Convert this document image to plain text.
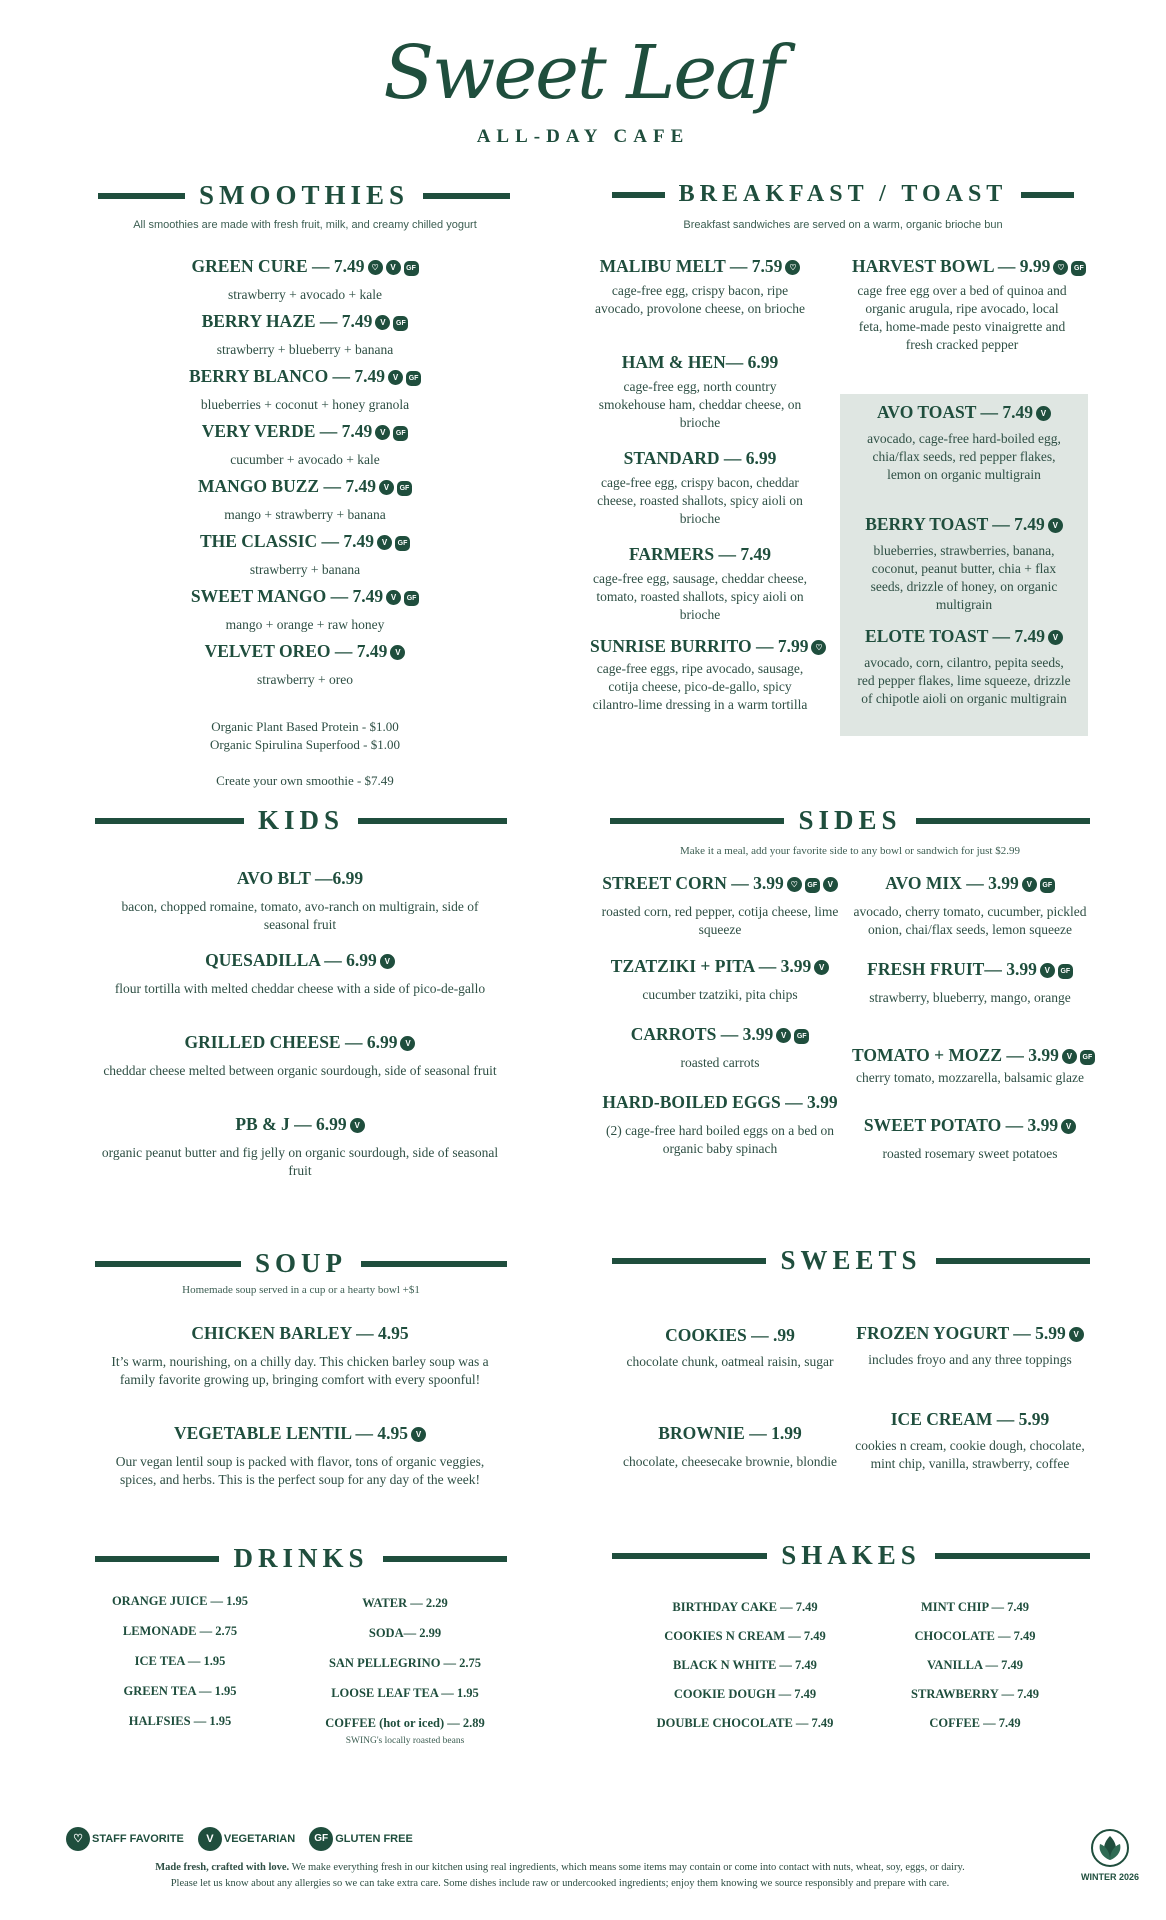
Sweet Leaf
ALL-DAY CAFE
SMOOTHIES
All smoothies are made with fresh fruit, milk, and creamy chilled yogurt
GREEN CURE — 7.49 ♡ V GF
strawberry + avocado + kale
BERRY HAZE — 7.49 V GF
strawberry + blueberry + banana
BERRY BLANCO — 7.49 V GF
blueberries + coconut + honey granola
VERY VERDE — 7.49 V GF
cucumber + avocado + kale
MANGO BUZZ — 7.49 V GF
mango + strawberry + banana
THE CLASSIC — 7.49 V GF
strawberry + banana
SWEET MANGO — 7.49 V GF
mango + orange + raw honey
VELVET OREO — 7.49 V
strawberry + oreo
Organic Plant Based Protein - $1.00
Organic Spirulina Superfood - $1.00
Create your own smoothie - $7.49
BREAKFAST / TOAST
Breakfast sandwiches are served on a warm, organic brioche bun
MALIBU MELT — 7.59 ♡
cage-free egg, crispy bacon, ripe avocado, provolone cheese, on brioche
HAM & HEN— 6.99
cage-free egg, north country smokehouse ham, cheddar cheese, on brioche
STANDARD — 6.99
cage-free egg, crispy bacon, cheddar cheese, roasted shallots, spicy aioli on brioche
FARMERS — 7.49
cage-free egg, sausage, cheddar cheese, tomato, roasted shallots, spicy aioli on brioche
SUNRISE BURRITO — 7.99 ♡
cage-free eggs, ripe avocado, sausage, cotija cheese, pico-de-gallo, spicy cilantro-lime dressing in a warm tortilla
HARVEST BOWL — 9.99 ♡ GF
cage free egg over a bed of quinoa and organic arugula, ripe avocado, local feta, home-made pesto vinaigrette and fresh cracked pepper
AVO TOAST — 7.49 V
avocado, cage-free hard-boiled egg, chia/flax seeds, red pepper flakes, lemon on organic multigrain
BERRY TOAST — 7.49 V
blueberries, strawberries, banana, coconut, peanut butter, chia + flax seeds, drizzle of honey, on organic multigrain
ELOTE TOAST — 7.49 V
avocado, corn, cilantro, pepita seeds, red pepper flakes, lime squeeze, drizzle of chipotle aioli on organic multigrain
KIDS
AVO BLT —6.99
bacon, chopped romaine, tomato, avo-ranch on multigrain, side of seasonal fruit
QUESADILLA — 6.99 V
flour tortilla with melted cheddar cheese with a side of pico-de-gallo
GRILLED CHEESE — 6.99 V
cheddar cheese melted between organic sourdough, side of seasonal fruit
PB & J — 6.99 V
organic peanut butter and fig jelly on organic sourdough, side of seasonal fruit
SIDES
Make it a meal, add your favorite side to any bowl or sandwich for just $2.99
STREET CORN — 3.99 ♡ GF V
roasted corn, red pepper, cotija cheese, lime squeeze
TZATZIKI + PITA — 3.99 V
cucumber tzatziki, pita chips
CARROTS — 3.99 V GF
roasted carrots
HARD-BOILED EGGS — 3.99
(2) cage-free hard boiled eggs on a bed on organic baby spinach
AVO MIX — 3.99 V GF
avocado, cherry tomato, cucumber, pickled onion, chai/flax seeds, lemon squeeze
FRESH FRUIT— 3.99 V GF
strawberry, blueberry, mango, orange
TOMATO + MOZZ — 3.99 V GF
cherry tomato, mozzarella, balsamic glaze
SWEET POTATO — 3.99 V
roasted rosemary sweet potatoes
SOUP
Homemade soup served in a cup or a hearty bowl +$1
CHICKEN BARLEY — 4.95
It’s warm, nourishing, on a chilly day. This chicken barley soup was a family favorite growing up, bringing comfort with every spoonful!
VEGETABLE LENTIL — 4.95 V
Our vegan lentil soup is packed with flavor, tons of organic veggies, spices, and herbs. This is the perfect soup for any day of the week!
SWEETS
COOKIES — .99
chocolate chunk, oatmeal raisin, sugar
BROWNIE — 1.99
chocolate, cheesecake brownie, blondie
FROZEN YOGURT — 5.99 V
includes froyo and any three toppings
ICE CREAM — 5.99
cookies n cream, cookie dough, chocolate, mint chip, vanilla, strawberry, coffee
DRINKS
ORANGE JUICE — 1.95
LEMONADE — 2.75
ICE TEA — 1.95
GREEN TEA — 1.95
HALFSIES — 1.95
WATER — 2.29
SODA— 2.99
SAN PELLEGRINO — 2.75
LOOSE LEAF TEA — 1.95
COFFEE (hot or iced) — 2.89
SWING's locally roasted beans
SHAKES
BIRTHDAY CAKE — 7.49
COOKIES N CREAM — 7.49
BLACK N WHITE — 7.49
COOKIE DOUGH — 7.49
DOUBLE CHOCOLATE — 7.49
MINT CHIP — 7.49
CHOCOLATE — 7.49
VANILLA — 7.49
STRAWBERRY — 7.49
COFFEE — 7.49
♡ STAFF FAVORITE	V VEGETARIAN	GF GLUTEN FREE
Made fresh, crafted with love. We make everything fresh in our kitchen using real ingredients, which means some items may contain or come into contact with nuts, wheat, soy, eggs, or dairy.
Please let us know about any allergies so we can take extra care. Some dishes include raw or undercooked ingredients; enjoy them knowing we source responsibly and prepare with care.
WINTER 2026
